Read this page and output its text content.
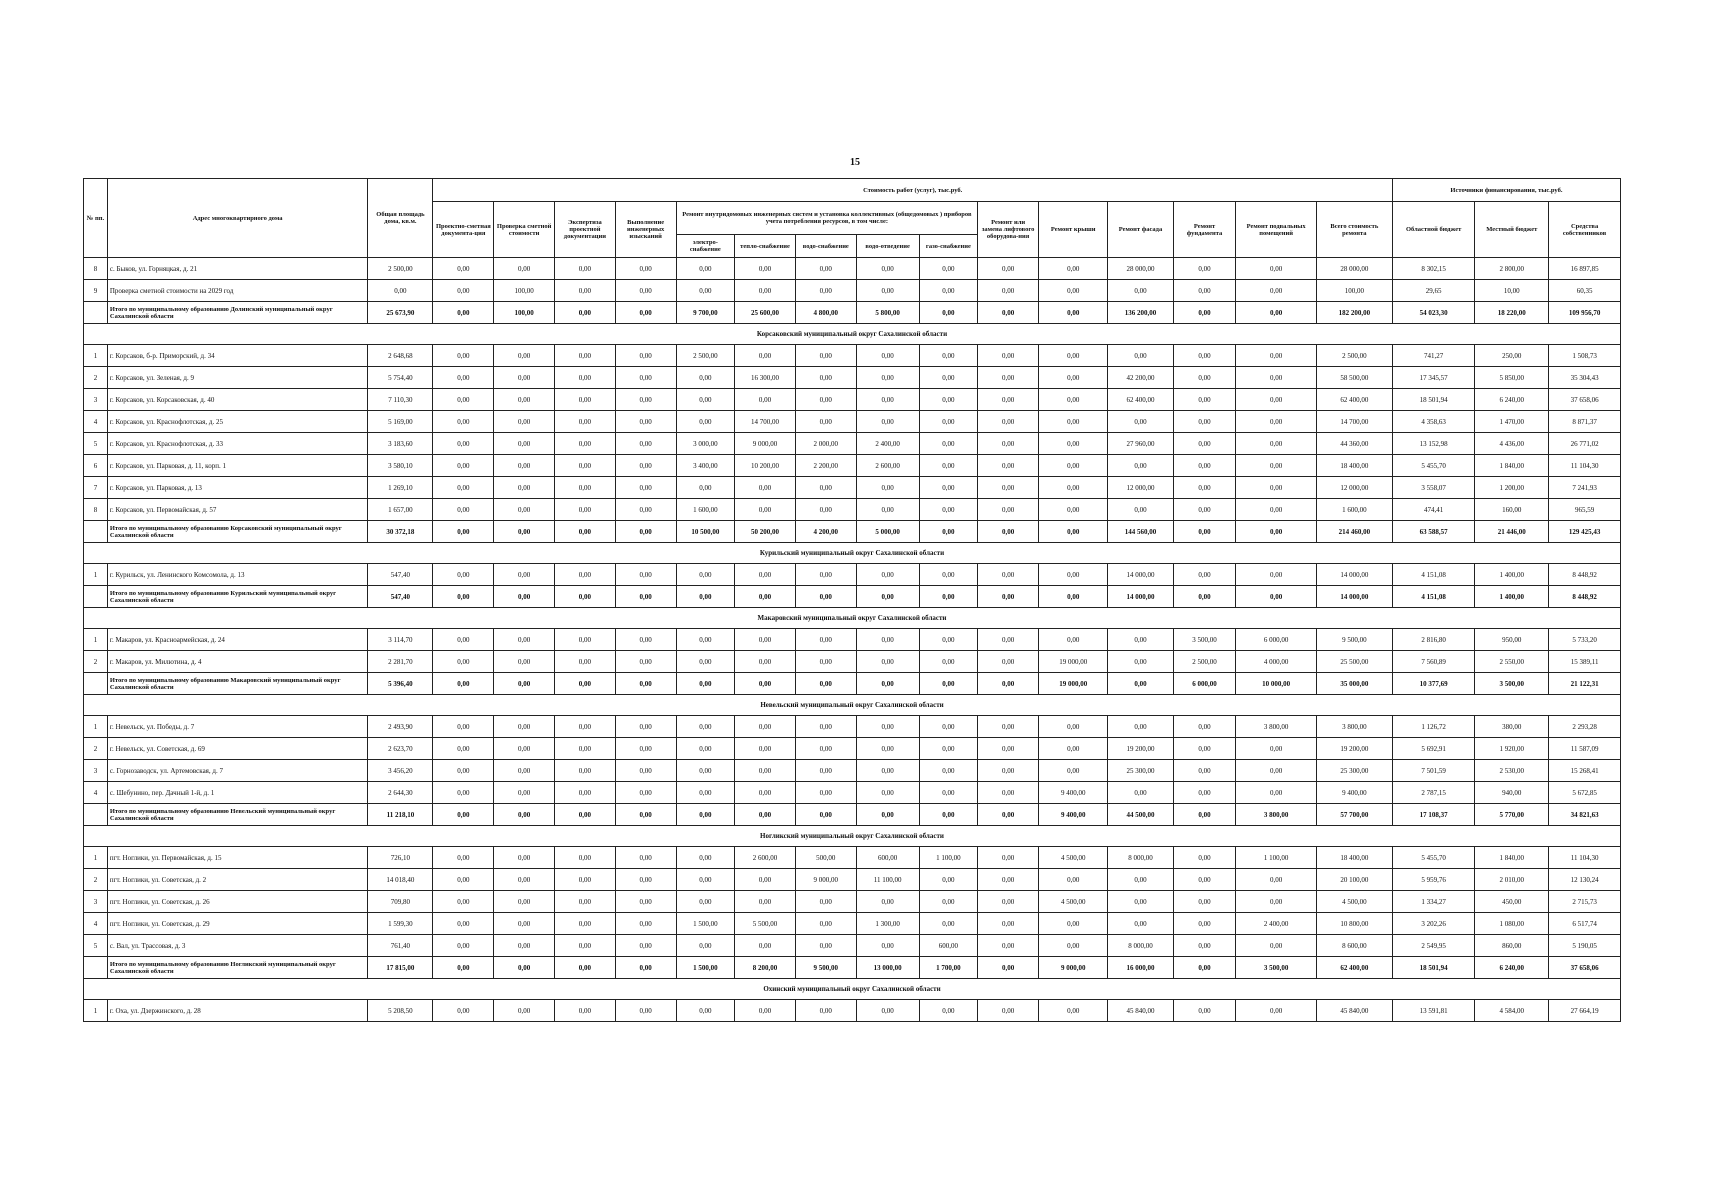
15
№ пп.	Адрес многоквартирного дома	Общая площадь дома, кв.м.	Стоимость работ (услуг), тыс.руб.															Источники финансирования, тыс.руб.		
			Проектно-сметная документа-ция	Проверка сметной стоимости	Экспертиза проектной документации	Выполнение инженерных изысканий	Ремонт внутридомовых инженерных систем и установка коллективных (общедомовых ) приборов учета потребления ресурсов, в том числе:					Ремонт или замена лифтового оборудова-ния	Ремонт крыши	Ремонт фасада	Ремонт фундамента	Ремонт подвальных помещений	Всего стоимость ремонта	Областной бюджет	Местный бюджет	Средства собственников
							электро-снабжение	тепло-снабжение	водо-снабжение	водо-отведение	газо-снабжение									
8	с. Быков, ул. Горняцкая, д. 21	2 500,00	0,00	0,00	0,00	0,00	0,00	0,00	0,00	0,00	0,00	0,00	0,00	28 000,00	0,00	0,00	28 000,00	8 302,15	2 800,00	16 897,85
9	Проверка сметной стоимости на 2029 год	0,00	0,00	100,00	0,00	0,00	0,00	0,00	0,00	0,00	0,00	0,00	0,00	0,00	0,00	0,00	100,00	29,65	10,00	60,35
	Итого по муниципальному образованию Долинский муниципальный округ Сахалинской области	25 673,90	0,00	100,00	0,00	0,00	9 700,00	25 600,00	4 800,00	5 800,00	0,00	0,00	0,00	136 200,00	0,00	0,00	182 200,00	54 023,30	18 220,00	109 956,70
Корсаковский муниципальный округ Сахалинской области																				
1	г. Корсаков, б-р. Приморский, д. 34	2 648,68	0,00	0,00	0,00	0,00	2 500,00	0,00	0,00	0,00	0,00	0,00	0,00	0,00	0,00	0,00	2 500,00	741,27	250,00	1 508,73
2	г. Корсаков, ул. Зеленая, д. 9	5 754,40	0,00	0,00	0,00	0,00	0,00	16 300,00	0,00	0,00	0,00	0,00	0,00	42 200,00	0,00	0,00	58 500,00	17 345,57	5 850,00	35 304,43
3	г. Корсаков, ул. Корсаковская, д. 40	7 110,30	0,00	0,00	0,00	0,00	0,00	0,00	0,00	0,00	0,00	0,00	0,00	62 400,00	0,00	0,00	62 400,00	18 501,94	6 240,00	37 658,06
4	г. Корсаков, ул. Краснофлотская, д. 25	5 169,00	0,00	0,00	0,00	0,00	0,00	14 700,00	0,00	0,00	0,00	0,00	0,00	0,00	0,00	0,00	14 700,00	4 358,63	1 470,00	8 871,37
5	г. Корсаков, ул. Краснофлотская, д. 33	3 183,60	0,00	0,00	0,00	0,00	3 000,00	9 000,00	2 000,00	2 400,00	0,00	0,00	0,00	27 960,00	0,00	0,00	44 360,00	13 152,98	4 436,00	26 771,02
6	г. Корсаков, ул. Парковая, д. 11, корп. 1	3 580,10	0,00	0,00	0,00	0,00	3 400,00	10 200,00	2 200,00	2 600,00	0,00	0,00	0,00	0,00	0,00	0,00	18 400,00	5 455,70	1 840,00	11 104,30
7	г. Корсаков, ул. Парковая, д. 13	1 269,10	0,00	0,00	0,00	0,00	0,00	0,00	0,00	0,00	0,00	0,00	0,00	12 000,00	0,00	0,00	12 000,00	3 558,07	1 200,00	7 241,93
8	г. Корсаков, ул. Первомайская, д. 57	1 657,00	0,00	0,00	0,00	0,00	1 600,00	0,00	0,00	0,00	0,00	0,00	0,00	0,00	0,00	0,00	1 600,00	474,41	160,00	965,59
	Итого по муниципальному образованию Корсаковский муниципальный округ Сахалинской области	30 372,18	0,00	0,00	0,00	0,00	10 500,00	50 200,00	4 200,00	5 000,00	0,00	0,00	0,00	144 560,00	0,00	0,00	214 460,00	63 588,57	21 446,00	129 425,43
Курильский муниципальный округ Сахалинской области																				
1	г. Курильск, ул. Ленинского Комсомола, д. 13	547,40	0,00	0,00	0,00	0,00	0,00	0,00	0,00	0,00	0,00	0,00	0,00	14 000,00	0,00	0,00	14 000,00	4 151,08	1 400,00	8 448,92
	Итого по муниципальному образованию Курильский муниципальный округ Сахалинской области	547,40	0,00	0,00	0,00	0,00	0,00	0,00	0,00	0,00	0,00	0,00	0,00	14 000,00	0,00	0,00	14 000,00	4 151,08	1 400,00	8 448,92
Макаровский муниципальный округ Сахалинской области																				
1	г. Макаров, ул. Красноармейская, д. 24	3 114,70	0,00	0,00	0,00	0,00	0,00	0,00	0,00	0,00	0,00	0,00	0,00	0,00	3 500,00	6 000,00	9 500,00	2 816,80	950,00	5 733,20
2	г. Макаров, ул. Милютина, д. 4	2 281,70	0,00	0,00	0,00	0,00	0,00	0,00	0,00	0,00	0,00	0,00	19 000,00	0,00	2 500,00	4 000,00	25 500,00	7 560,89	2 550,00	15 389,11
	Итого по муниципальному образованию Макаровский муниципальный округ Сахалинской области	5 396,40	0,00	0,00	0,00	0,00	0,00	0,00	0,00	0,00	0,00	0,00	19 000,00	0,00	6 000,00	10 000,00	35 000,00	10 377,69	3 500,00	21 122,31
Невельский муниципальный округ Сахалинской области																				
1	г. Невельск, ул. Победы, д. 7	2 493,90	0,00	0,00	0,00	0,00	0,00	0,00	0,00	0,00	0,00	0,00	0,00	0,00	0,00	3 800,00	3 800,00	1 126,72	380,00	2 293,28
2	г. Невельск, ул. Советская, д. 69	2 623,70	0,00	0,00	0,00	0,00	0,00	0,00	0,00	0,00	0,00	0,00	0,00	19 200,00	0,00	0,00	19 200,00	5 692,91	1 920,00	11 587,09
3	с. Горнозаводск, ул. Артемовская, д. 7	3 456,20	0,00	0,00	0,00	0,00	0,00	0,00	0,00	0,00	0,00	0,00	0,00	25 300,00	0,00	0,00	25 300,00	7 501,59	2 530,00	15 268,41
4	с. Шебунино, пер. Дачный 1-й, д. 1	2 644,30	0,00	0,00	0,00	0,00	0,00	0,00	0,00	0,00	0,00	0,00	9 400,00	0,00	0,00	0,00	9 400,00	2 787,15	940,00	5 672,85
	Итого по муниципальному образованию Невельский муниципальный округ Сахалинской области	11 218,10	0,00	0,00	0,00	0,00	0,00	0,00	0,00	0,00	0,00	0,00	9 400,00	44 500,00	0,00	3 800,00	57 700,00	17 108,37	5 770,00	34 821,63
Ногликский муниципальный округ Сахалинской области																				
1	пгт. Ноглики, ул. Первомайская, д. 15	726,10	0,00	0,00	0,00	0,00	0,00	2 600,00	500,00	600,00	1 100,00	0,00	4 500,00	8 000,00	0,00	1 100,00	18 400,00	5 455,70	1 840,00	11 104,30
2	пгт. Ноглики, ул. Советская, д. 2	14 018,40	0,00	0,00	0,00	0,00	0,00	0,00	9 000,00	11 100,00	0,00	0,00	0,00	0,00	0,00	0,00	20 100,00	5 959,76	2 010,00	12 130,24
3	пгт. Ноглики, ул. Советская, д. 26	709,80	0,00	0,00	0,00	0,00	0,00	0,00	0,00	0,00	0,00	0,00	4 500,00	0,00	0,00	0,00	4 500,00	1 334,27	450,00	2 715,73
4	пгт. Ноглики, ул. Советская, д. 29	1 599,30	0,00	0,00	0,00	0,00	1 500,00	5 500,00	0,00	1 300,00	0,00	0,00	0,00	0,00	0,00	2 400,00	10 800,00	3 202,26	1 080,00	6 517,74
5	с. Вал, ул. Трассовая, д. 3	761,40	0,00	0,00	0,00	0,00	0,00	0,00	0,00	0,00	600,00	0,00	0,00	8 000,00	0,00	0,00	8 600,00	2 549,95	860,00	5 190,05
	Итого по муниципальному образованию Ногликский муниципальный округ Сахалинской области	17 815,00	0,00	0,00	0,00	0,00	1 500,00	8 200,00	9 500,00	13 000,00	1 700,00	0,00	9 000,00	16 000,00	0,00	3 500,00	62 400,00	18 501,94	6 240,00	37 658,06
Охинский муниципальный округ Сахалинской области																				
1	г. Оха, ул. Дзержинского, д. 28	5 208,50	0,00	0,00	0,00	0,00	0,00	0,00	0,00	0,00	0,00	0,00	0,00	45 840,00	0,00	0,00	45 840,00	13 591,81	4 584,00	27 664,19
